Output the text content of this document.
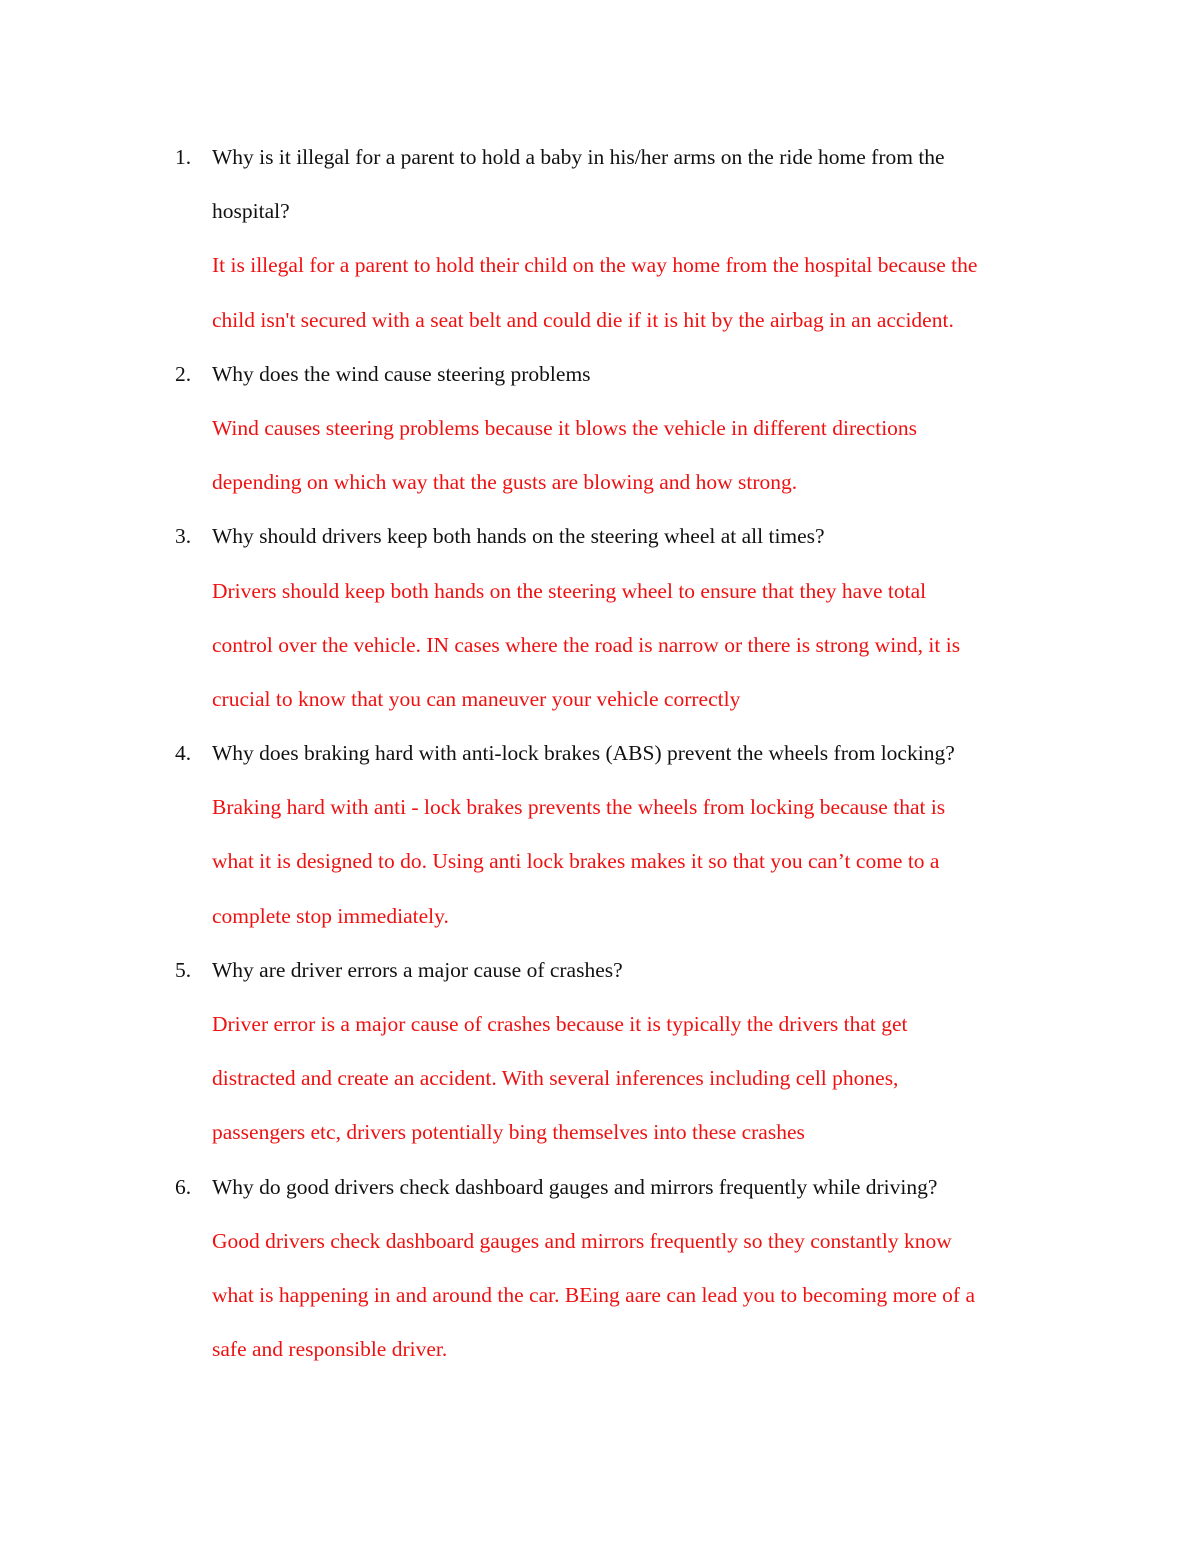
1. Why is it illegal for a parent to hold a baby in his/her arms on the ride home from the
hospital?
It is illegal for a parent to hold their child on the way home from the hospital because the
child isn't secured with a seat belt and could die if it is hit by the airbag in an accident.
2. Why does the wind cause steering problems
Wind causes steering problems because it blows the vehicle in different directions
depending on which way that the gusts are blowing and how strong.
3. Why should drivers keep both hands on the steering wheel at all times?
Drivers should keep both hands on the steering wheel to ensure that they have total
control over the vehicle. IN cases where the road is narrow or there is strong wind, it is
crucial to know that you can maneuver your vehicle correctly
4. Why does braking hard with anti-lock brakes (ABS) prevent the wheels from locking?
Braking hard with anti - lock brakes prevents the wheels from locking because that is
what it is designed to do. Using anti lock brakes makes it so that you can’t come to a
complete stop immediately.
5. Why are driver errors a major cause of crashes?
Driver error is a major cause of crashes because it is typically the drivers that get
distracted and create an accident. With several inferences including cell phones,
passengers etc, drivers potentially bing themselves into these crashes
6. Why do good drivers check dashboard gauges and mirrors frequently while driving?
Good drivers check dashboard gauges and mirrors frequently so they constantly know
what is happening in and around the car. BEing aare can lead you to becoming more of a
safe and responsible driver.
